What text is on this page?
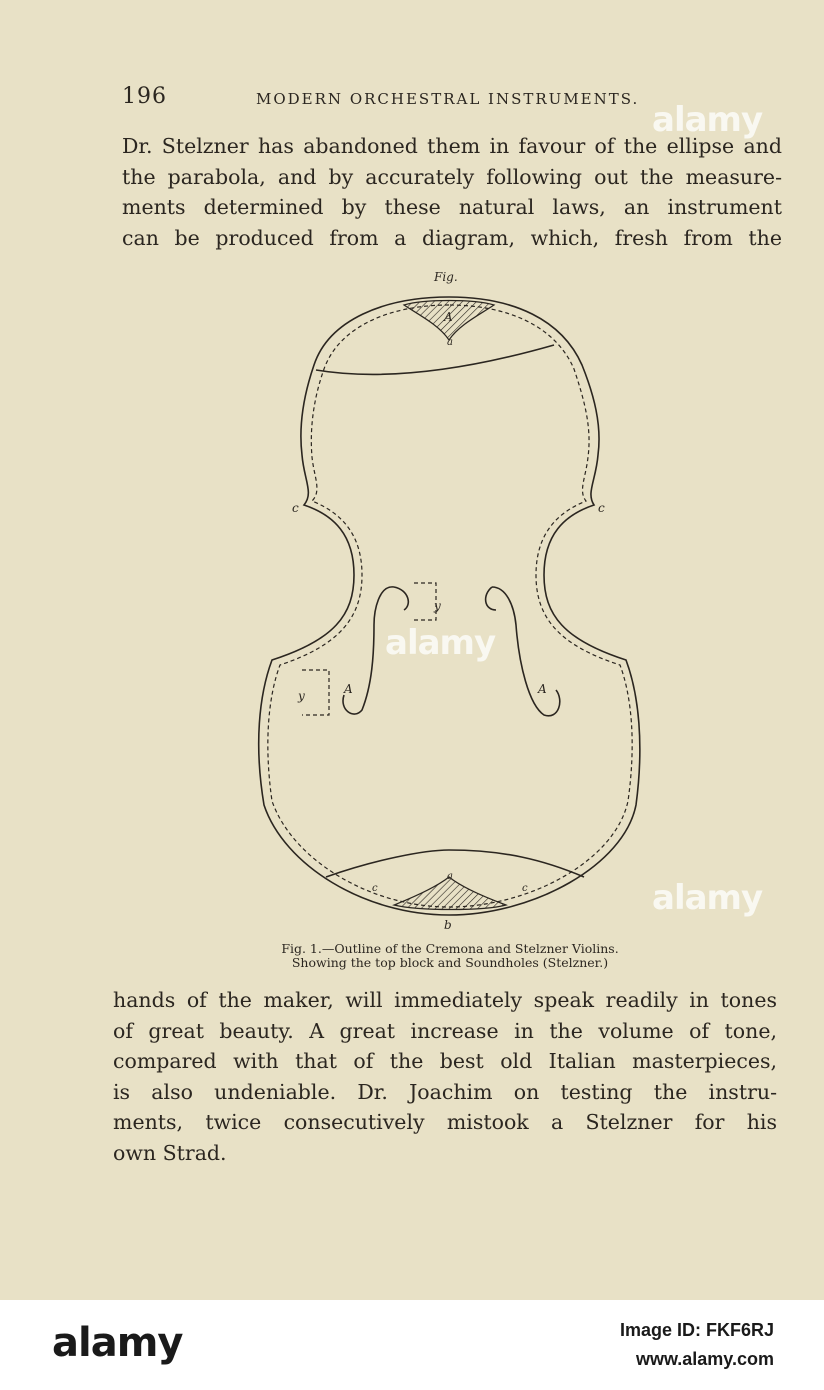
196	MODERN ORCHESTRAL INSTRUMENTS.
Dr. Stelzner has abandoned them in favour of the ellipse and
the parabola, and by accurately following out the measure-
ments determined by these natural laws, an instrument
can be produced from a diagram, which, fresh from the
Fig.
A
a
c	c
y
y	A	A
a
c	c
b
Fig. 1.—Outline of the Cremona and Stelzner Violins.
Showing the top block and Soundholes (Stelzner.)
hands of the maker, will immediately speak readily in tones
of great beauty. A great increase in the volume of tone,
compared with that of the best old Italian masterpieces,
is also undeniable. Dr. Joachim on testing the instru-
ments, twice consecutively mistook a Stelzner for his
own Strad.
alamy
alamy
alamy
alamy	Image ID: FKF6RJ
www.alamy.com
